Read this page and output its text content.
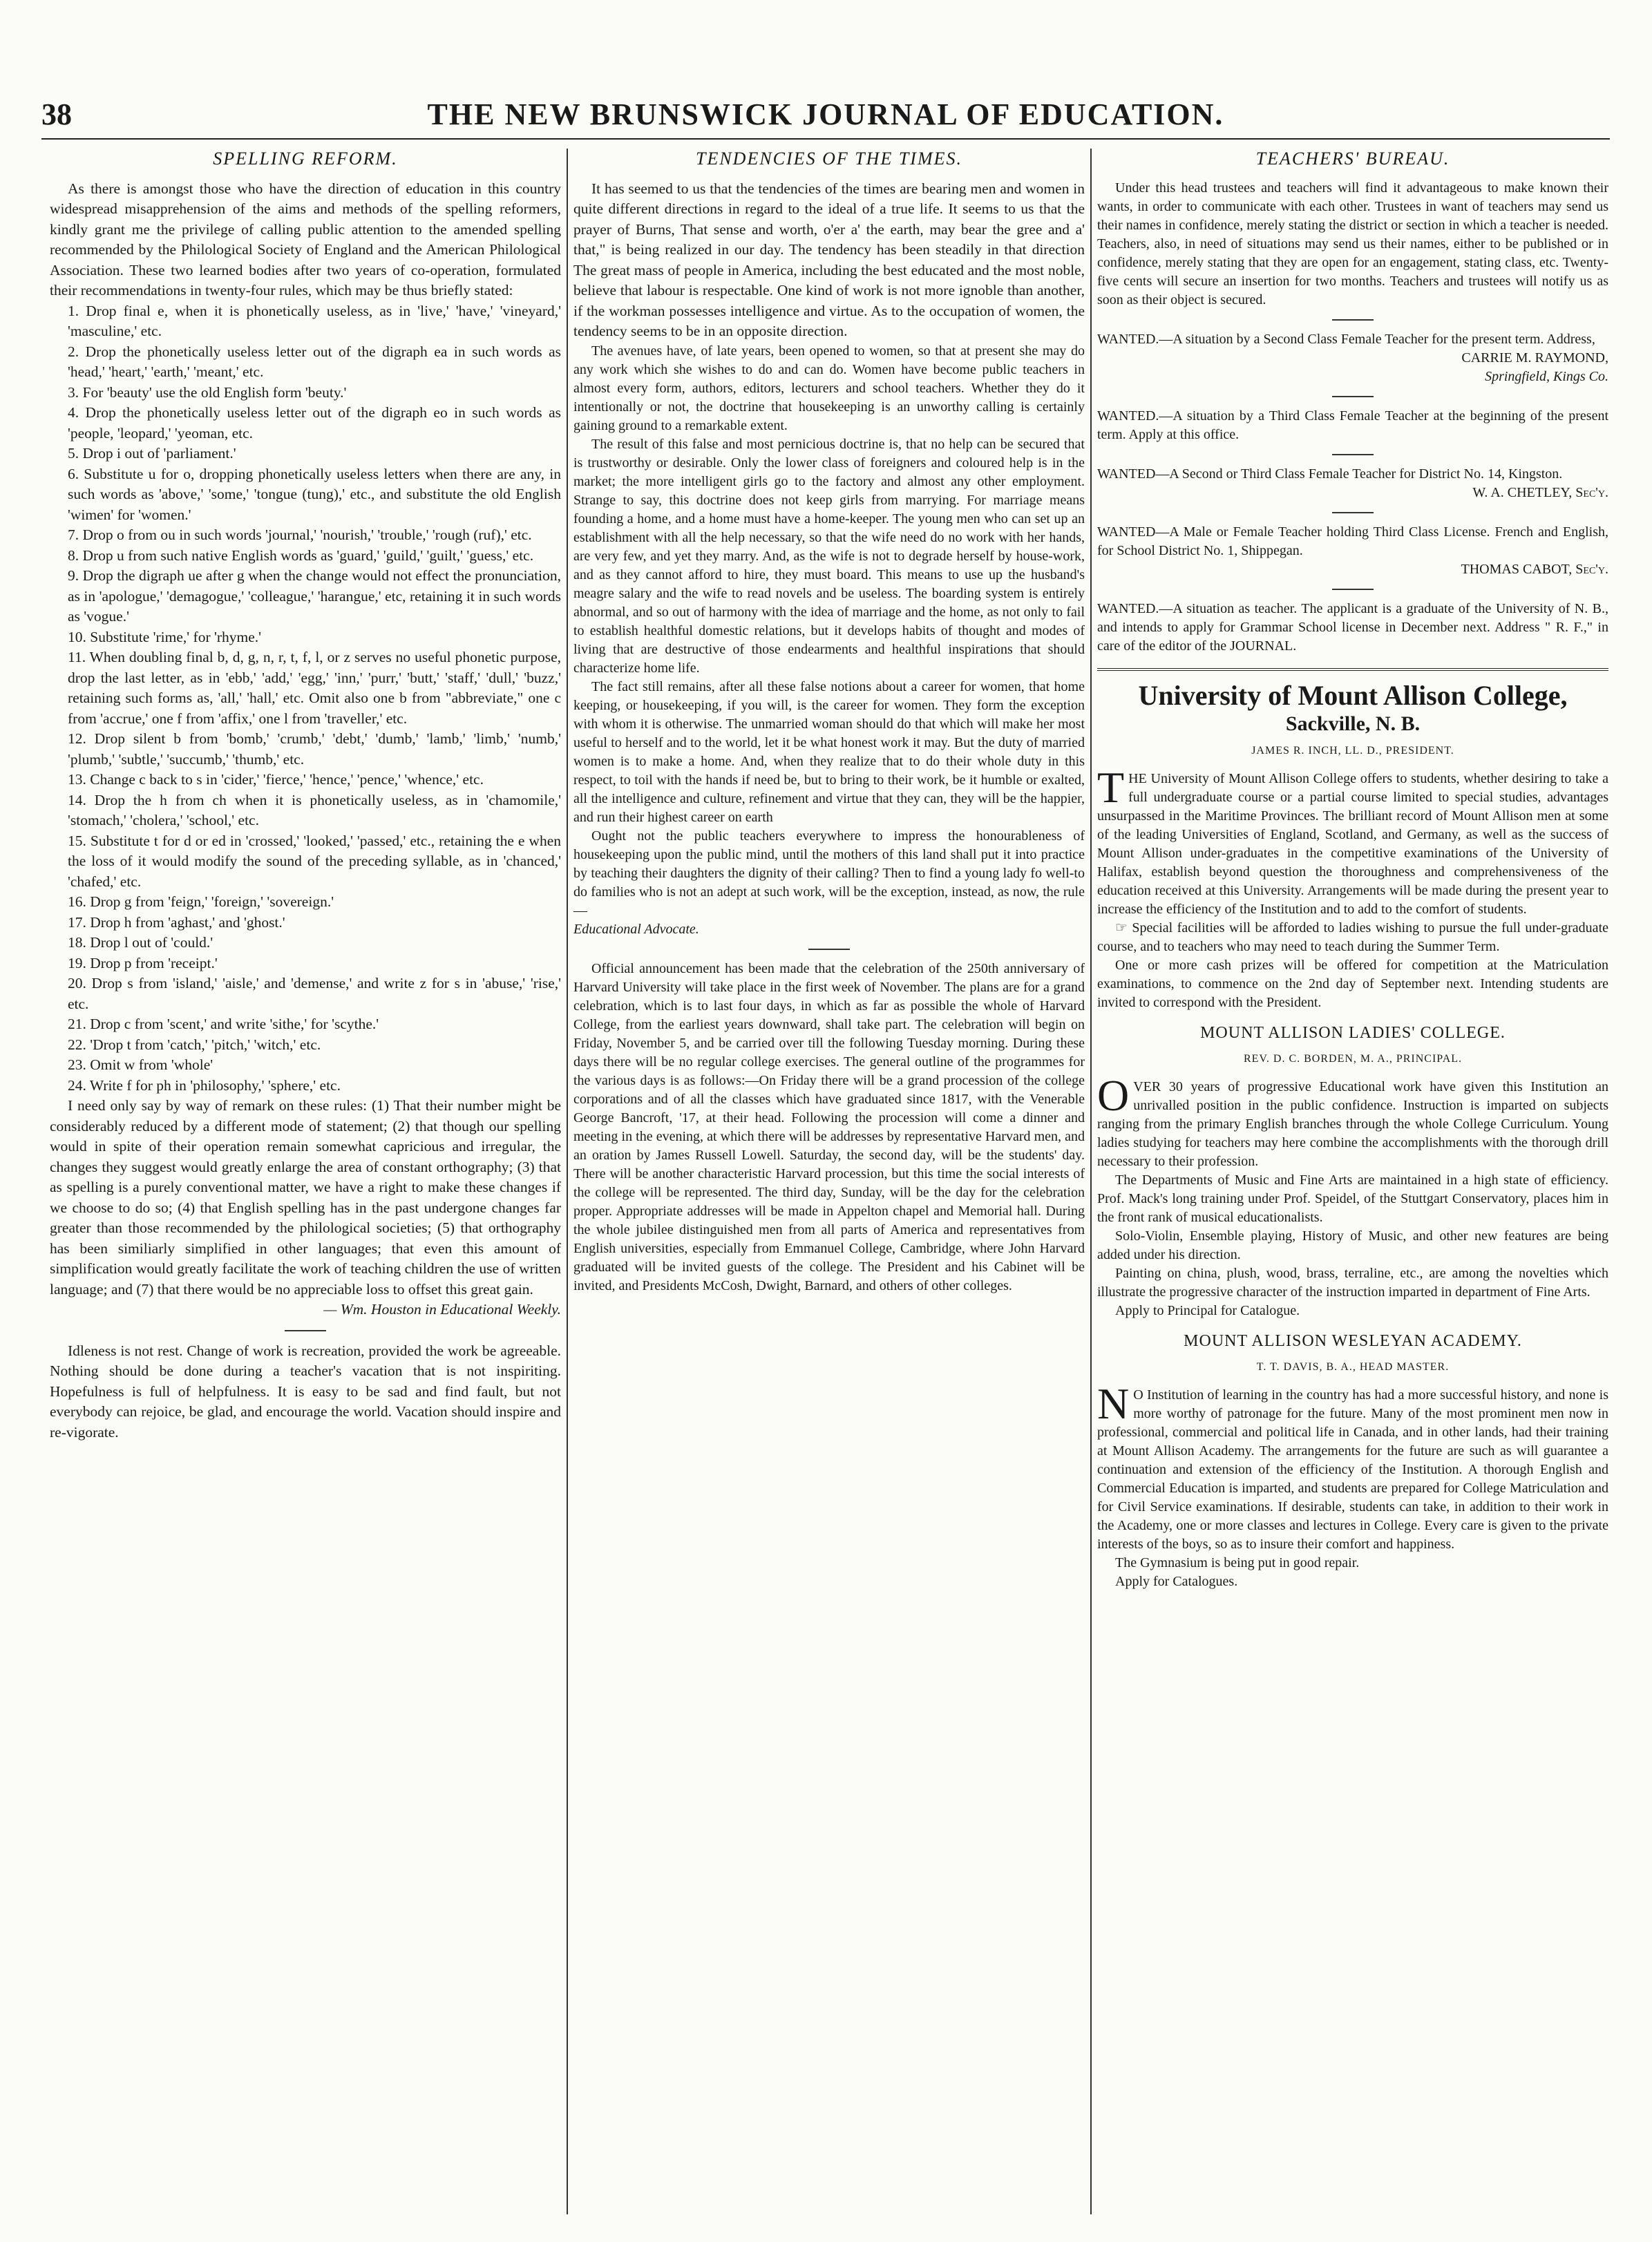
38	THE NEW BRUNSWICK JOURNAL OF EDUCATION.
SPELLING REFORM.

As there is amongst those who have the direction of education in this country widespread misapprehension of the aims and methods of the spelling reformers, kindly grant me the privilege of calling public attention to the amended spelling recommended by the Philological Society of England and the American Philological Association. These two learned bodies after two years of co-operation, formulated their recommendations in twenty-four rules, which may be thus briefly stated:

1. Drop final e, when it is phonetically useless, as in 'live,' 'have,' 'vineyard,' 'masculine,' etc.

2. Drop the phonetically useless letter out of the digraph ea in such words as 'head,' 'heart,' 'earth,' 'meant,' etc.

3. For 'beauty' use the old English form 'beuty.'

4. Drop the phonetically useless letter out of the digraph eo in such words as 'people, 'leopard,' 'yeoman, etc.

5. Drop i out of 'parliament.'

6. Substitute u for o, dropping phonetically useless letters when there are any, in such words as 'above,' 'some,' 'tongue (tung),' etc., and substitute the old English 'wimen' for 'women.'

7. Drop o from ou in such words 'journal,' 'nourish,' 'trouble,' 'rough (ruf),' etc.

8. Drop u from such native English words as 'guard,' 'guild,' 'guilt,' 'guess,' etc.

9. Drop the digraph ue after g when the change would not effect the pronunciation, as in 'apologue,' 'demagogue,' 'colleague,' 'harangue,' etc, retaining it in such words as 'vogue.'

10. Substitute 'rime,' for 'rhyme.'

11. When doubling final b, d, g, n, r, t, f, l, or z serves no useful phonetic purpose, drop the last letter, as in 'ebb,' 'add,' 'egg,' 'inn,' 'purr,' 'butt,' 'staff,' 'dull,' 'buzz,' retaining such forms as, 'all,' 'hall,' etc. Omit also one b from "abbreviate," one c from 'accrue,' one f from 'affix,' one l from 'traveller,' etc.

12. Drop silent b from 'bomb,' 'crumb,' 'debt,' 'dumb,' 'lamb,' 'limb,' 'numb,' 'plumb,' 'subtle,' 'succumb,' 'thumb,' etc.

13. Change c back to s in 'cider,' 'fierce,' 'hence,' 'pence,' 'whence,' etc.

14. Drop the h from ch when it is phonetically useless, as in 'chamomile,' 'stomach,' 'cholera,' 'school,' etc.

15. Substitute t for d or ed in 'crossed,' 'looked,' 'passed,' etc., retaining the e when the loss of it would modify the sound of the preceding syllable, as in 'chanced,' 'chafed,' etc.

16. Drop g from 'feign,' 'foreign,' 'sovereign.'

17. Drop h from 'aghast,' and 'ghost.'

18. Drop l out of 'could.'

19. Drop p from 'receipt.'

20. Drop s from 'island,' 'aisle,' and 'demense,' and write z for s in 'abuse,' 'rise,' etc.

21. Drop c from 'scent,' and write 'sithe,' for 'scythe.'

22. 'Drop t from 'catch,' 'pitch,' 'witch,' etc.

23. Omit w from 'whole'

24. Write f for ph in 'philosophy,' 'sphere,' etc.

I need only say by way of remark on these rules: (1) That their number might be considerably reduced by a different mode of statement; (2) that though our spelling would in spite of their operation remain somewhat capricious and irregular, the changes they suggest would greatly enlarge the area of constant orthography; (3) that as spelling is a purely conventional matter, we have a right to make these changes if we choose to do so; (4) that English spelling has in the past undergone changes far greater than those recommended by the philological societies; (5) that orthography has been similiarly simplified in other languages; that even this amount of simplification would greatly facilitate the work of teaching children the use of written language; and (7) that there would be no appreciable loss to offset this great gain.

— Wm. Houston in Educational Weekly.

Idleness is not rest. Change of work is recreation, provided the work be agreeable. Nothing should be done during a teacher's vacation that is not inspiriting. Hopefulness is full of helpfulness. It is easy to be sad and find fault, but not everybody can rejoice, be glad, and encourage the world. Vacation should inspire and re-vigorate.

TENDENCIES OF THE TIMES.

It has seemed to us that the tendencies of the times are bearing men and women in quite different directions in regard to the ideal of a true life. It seems to us that the prayer of Burns, That sense and worth, o'er a' the earth, may bear the gree and a' that," is being realized in our day. The tendency has been steadily in that direction The great mass of people in America, including the best educated and the most noble, believe that labour is respectable. One kind of work is not more ignoble than another, if the workman possesses intelligence and virtue. As to the occupation of women, the tendency seems to be in an opposite direction.

The avenues have, of late years, been opened to women, so that at present she may do any work which she wishes to do and can do. Women have become public teachers in almost every form, authors, editors, lecturers and school teachers. Whether they do it intentionally or not, the doctrine that housekeeping is an unworthy calling is certainly gaining ground to a remarkable extent.

The result of this false and most pernicious doctrine is, that no help can be secured that is trustworthy or desirable. Only the lower class of foreigners and coloured help is in the market; the more intelligent girls go to the factory and almost any other employment. Strange to say, this doctrine does not keep girls from marrying. For marriage means founding a home, and a home must have a home-keeper. The young men who can set up an establishment with all the help necessary, so that the wife need do no work with her hands, are very few, and yet they marry. And, as the wife is not to degrade herself by house-work, and as they cannot afford to hire, they must board. This means to use up the husband's meagre salary and the wife to read novels and be useless. The boarding system is entirely abnormal, and so out of harmony with the idea of marriage and the home, as not only to fail to establish healthful domestic relations, but it develops habits of thought and modes of living that are destructive of those endearments and healthful inspirations that should characterize home life.

The fact still remains, after all these false notions about a career for women, that home keeping, or housekeeping, if you will, is the career for women. They form the exception with whom it is otherwise. The unmarried woman should do that which will make her most useful to herself and to the world, let it be what honest work it may. But the duty of married women is to make a home. And, when they realize that to do their whole duty in this respect, to toil with the hands if need be, but to bring to their work, be it humble or exalted, all the intelligence and culture, refinement and virtue that they can, they will be the happier, and run their highest career on earth

Ought not the public teachers everywhere to impress the honourableness of housekeeping upon the public mind, until the mothers of this land shall put it into practice by teaching their daughters the dignity of their calling? Then to find a young lady fo well-to do families who is not an adept at such work, will be the exception, instead, as now, the rule—

Educational Advocate.

Official announcement has been made that the celebration of the 250th anniversary of Harvard University will take place in the first week of November. The plans are for a grand celebration, which is to last four days, in which as far as possible the whole of Harvard College, from the earliest years downward, shall take part. The celebration will begin on Friday, November 5, and be carried over till the following Tuesday morning. During these days there will be no regular college exercises. The general outline of the programmes for the various days is as follows:—On Friday there will be a grand procession of the college corporations and of all the classes which have graduated since 1817, with the Venerable George Bancroft, '17, at their head. Following the procession will come a dinner and meeting in the evening, at which there will be addresses by representative Harvard men, and an oration by James Russell Lowell. Saturday, the second day, will be the students' day. There will be another characteristic Harvard procession, but this time the social interests of the college will be represented. The third day, Sunday, will be the day for the celebration proper. Appropriate addresses will be made in Appelton chapel and Memorial hall. During the whole jubilee distinguished men from all parts of America and representatives from English universities, especially from Emmanuel College, Cambridge, where John Harvard graduated will be invited guests of the college. The President and his Cabinet will be invited, and Presidents McCosh, Dwight, Barnard, and others of other colleges.

TEACHERS' BUREAU.

Under this head trustees and teachers will find it advantageous to make known their wants, in order to communicate with each other. Trustees in want of teachers may send us their names in confidence, merely stating the district or section in which a teacher is needed. Teachers, also, in need of situations may send us their names, either to be published or in confidence, merely stating that they are open for an engagement, stating class, etc. Twenty-five cents will secure an insertion for two months. Teachers and trustees will notify us as soon as their object is secured.

WANTED.—A situation by a Second Class Female Teacher for the present term. Address,

CARRIE M. RAYMOND,

Springfield, Kings Co.

WANTED.—A situation by a Third Class Female Teacher at the beginning of the present term. Apply at this office.

WANTED—A Second or Third Class Female Teacher for District No. 14, Kingston.

W. A. CHETLEY, Sec'y.

WANTED—A Male or Female Teacher holding Third Class License. French and English, for School District No. 1, Shippegan.

THOMAS CABOT, Sec'y.

WANTED.—A situation as teacher. The applicant is a graduate of the University of N. B., and intends to apply for Grammar School license in December next. Address " R. F.," in care of the editor of the JOURNAL.

University of Mount Allison College,
Sackville, N. B.
JAMES R. INCH, LL. D., PRESIDENT.

THE University of Mount Allison College offers to students, whether desiring to take a full undergraduate course or a partial course limited to special studies, advantages unsurpassed in the Maritime Provinces. The brilliant record of Mount Allison men at some of the leading Universities of England, Scotland, and Germany, as well as the success of Mount Allison under-graduates in the competitive examinations of the University of Halifax, establish beyond question the thoroughness and comprehensiveness of the education received at this University. Arrangements will be made during the present year to increase the efficiency of the Institution and to add to the comfort of students.

☞ Special facilities will be afforded to ladies wishing to pursue the full under-graduate course, and to teachers who may need to teach during the Summer Term.

One or more cash prizes will be offered for competition at the Matriculation examinations, to commence on the 2nd day of September next. Intending students are invited to correspond with the President.

MOUNT ALLISON LADIES' COLLEGE.
REV. D. C. BORDEN, M. A., PRINCIPAL.

OVER 30 years of progressive Educational work have given this Institution an unrivalled position in the public confidence. Instruction is imparted on subjects ranging from the primary English branches through the whole College Curriculum. Young ladies studying for teachers may here combine the accomplishments with the thorough drill necessary to their profession.

The Departments of Music and Fine Arts are maintained in a high state of efficiency. Prof. Mack's long training under Prof. Speidel, of the Stuttgart Conservatory, places him in the front rank of musical educationalists.

Solo-Violin, Ensemble playing, History of Music, and other new features are being added under his direction.

Painting on china, plush, wood, brass, terraline, etc., are among the novelties which illustrate the progressive character of the instruction imparted in department of Fine Arts.

Apply to Principal for Catalogue.

MOUNT ALLISON WESLEYAN ACADEMY.
T. T. DAVIS, B. A., HEAD MASTER.

NO Institution of learning in the country has had a more successful history, and none is more worthy of patronage for the future. Many of the most prominent men now in professional, commercial and political life in Canada, and in other lands, had their training at Mount Allison Academy. The arrangements for the future are such as will guarantee a continuation and extension of the efficiency of the Institution. A thorough English and Commercial Education is imparted, and students are prepared for College Matriculation and for Civil Service examinations. If desirable, students can take, in addition to their work in the Academy, one or more classes and lectures in College. Every care is given to the private interests of the boys, so as to insure their comfort and happiness.

The Gymnasium is being put in good repair.

Apply for Catalogues.
